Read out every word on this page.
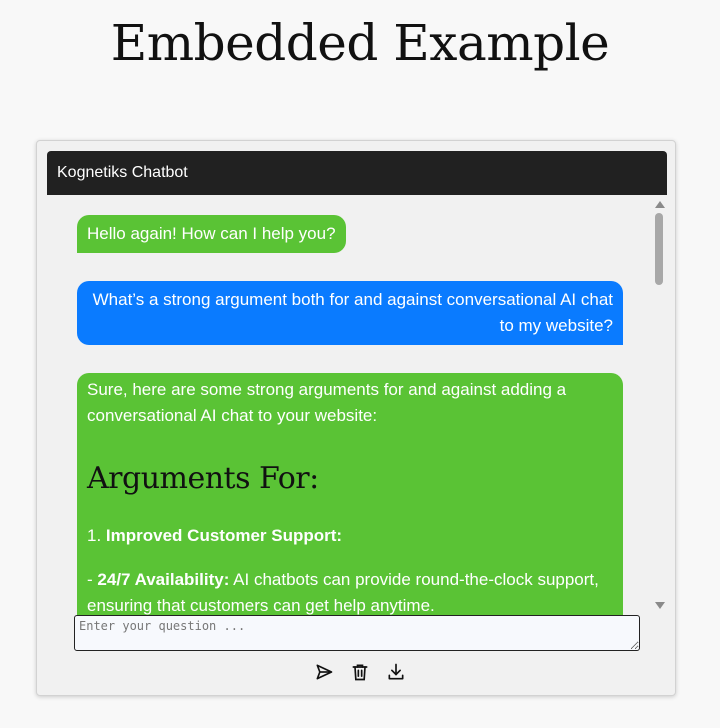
Embedded Example
Kognetiks Chatbot
Hello again! How can I help you?
What’s a strong argument both for and against conversational AI chat to my website?

Sure, here are some strong arguments for and against adding a conversational AI chat to your website:

Arguments For:

1. Improved Customer Support:

- 24/7 Availability: AI chatbots can provide round-the-clock support, ensuring that customers can get help anytime.

Enter your question ...
